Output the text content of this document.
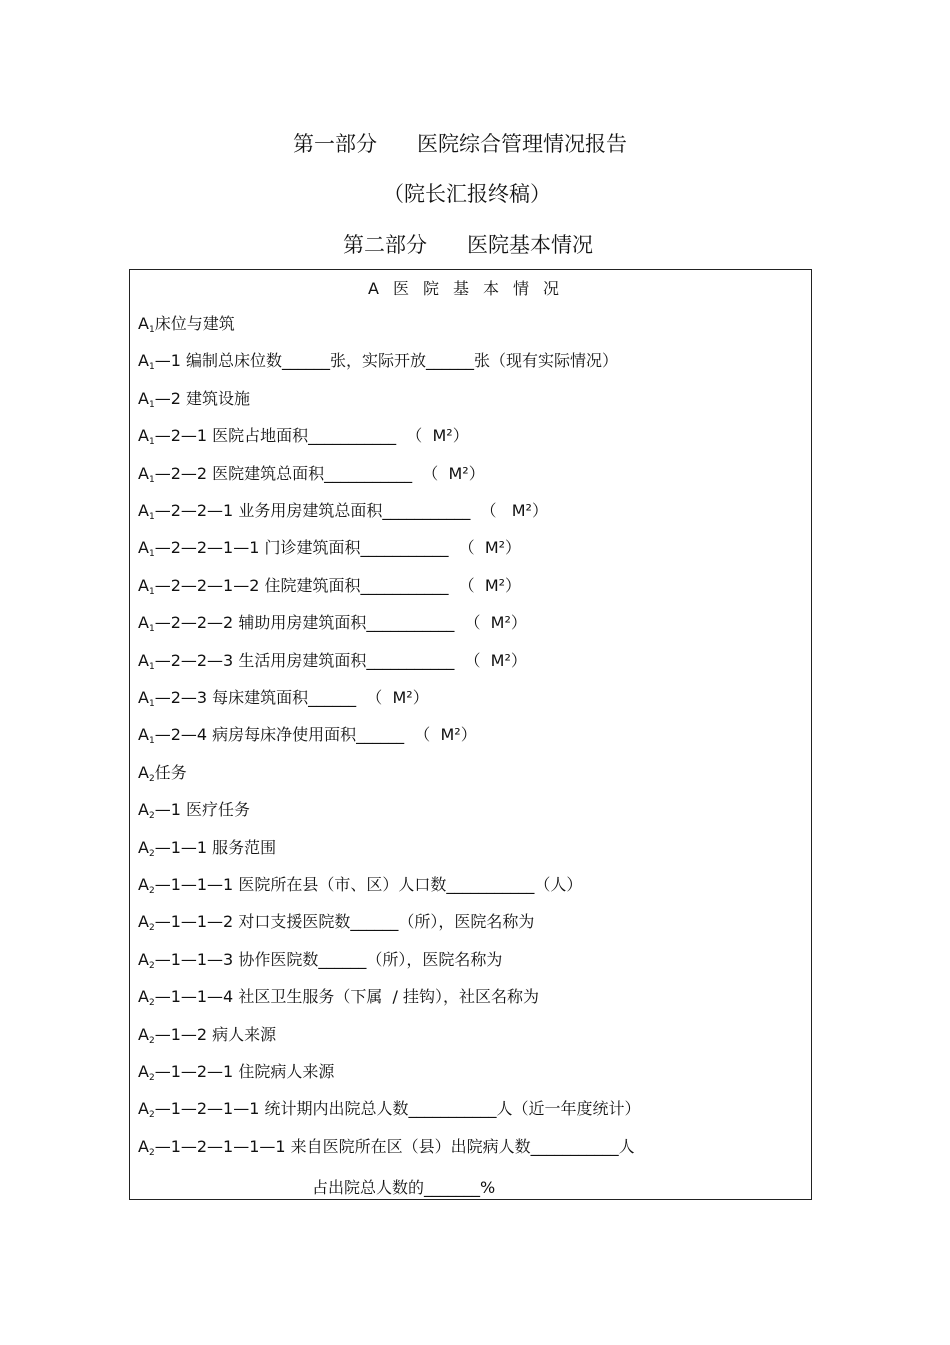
第一部分      医院综合管理情况报告
（院长汇报终稿）
第二部分      医院基本情况
A医院基本情况
$A_1$床位与建筑
$A_1—1$ 编制总床位数______张，实际开放______张（现有实际情况）
$A_1—2$ 建筑设施
$A_1—2—1$ 医院占地面积___________  （  M²）
$A_1—2—2$ 医院建筑总面积___________  （  M²）
$A_1—2—2—1$ 业务用房建筑总面积___________  （   M²）
$A_1—2—2—1—1$ 门诊建筑面积___________  （  M²）
$A_1—2—2—1—2$ 住院建筑面积___________  （  M²）
$A_1—2—2—2$ 辅助用房建筑面积___________  （  M²）
$A_1—2—2—3$ 生活用房建筑面积___________  （  M²）
$A_1—2—3$ 每床建筑面积______  （  M²）
$A_1—2—4$ 病房每床净使用面积______  （  M²）
$A_2$任务
$A_2—1$ 医疗任务
$A_2—1—1$ 服务范围
$A_2—1—1—1$ 医院所在县（市、区）人口数___________（人）
$A_2—1—1—2$ 对口支援医院数______（所），医院名称为
$A_2—1—1—3$ 协作医院数______（所），医院名称为
$A_2—1—1—4$ 社区卫生服务（下属  / 挂钩），社区名称为
$A_2—1—2$ 病人来源
$A_2—1—2—1$ 住院病人来源
$A_2—1—2—1—1$ 统计期内出院总人数___________人（近一年度统计）
$A_2—1—2—1—1—1$ 来自医院所在区（县）出院病人数___________人
占出院总人数的_______%
